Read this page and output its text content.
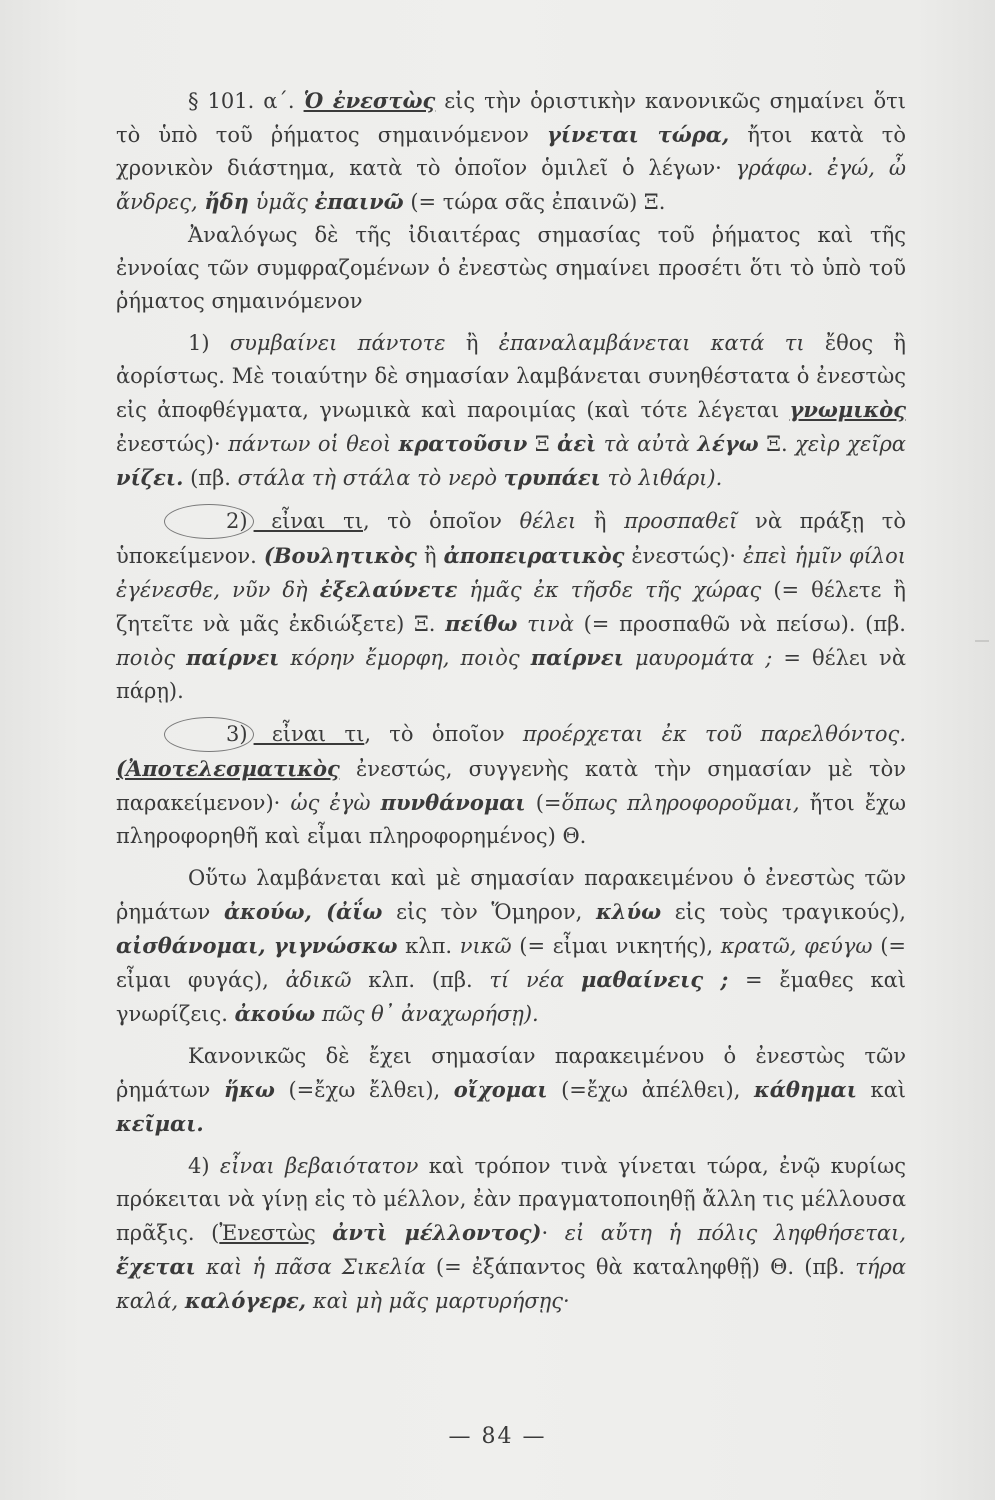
§ 101. α΄. Ὁ ἐνεστὼς εἰς τὴν ὁριστικὴν κανονικῶς σημαίνει ὅτι τὸ ὑπὸ τοῦ ῥήματος σημαινόμενον γίνεται τώρα, ἤτοι κατὰ τὸ χρονικὸν διάστημα, κατὰ τὸ ὁποῖον ὁμιλεῖ ὁ λέγων· γράφω. ἐγώ, ὦ ἄνδρες, ἤδη ὑμᾶς ἐπαινῶ (= τώρα σᾶς ἐπαινῶ) Ξ.

Ἀναλόγως δὲ τῆς ἰδιαιτέρας σημασίας τοῦ ῥήματος καὶ τῆς ἐννοίας τῶν συμφραζομένων ὁ ἐνεστὼς σημαίνει προσέτι ὅτι τὸ ὑπὸ τοῦ ῥήματος σημαινόμενον

1) συμβαίνει πάντοτε ἢ ἐπαναλαμβάνεται κατά τι ἔθος ἢ ἀορίστως. Μὲ τοιαύτην δὲ σημασίαν λαμβάνεται συνηθέστατα ὁ ἐνεστὼς εἰς ἀποφθέγματα, γνωμικὰ καὶ παροιμίας (καὶ τότε λέγεται γνωμικὸς ἐνεστώς)· πάντων οἱ θεοὶ κρατοῦσιν Ξ ἀεὶ τὰ αὐτὰ λέγω Ξ. χεὶρ χεῖρα νίζει. (πβ. στάλα τὴ στάλα τὸ νερὸ τρυπάει τὸ λιθάρι).

2) εἶναι τι, τὸ ὁποῖον θέλει ἢ προσπαθεῖ νὰ πράξῃ τὸ ὑποκείμενον. (Βουλητικὸς ἢ ἀποπειρατικὸς ἐνεστώς)· ἐπεὶ ἡμῖν φίλοι ἐγένεσθε, νῦν δὴ ἐξελαύνετε ἡμᾶς ἐκ τῆσδε τῆς χώρας (= θέλετε ἢ ζητεῖτε νὰ μᾶς ἐκδιώξετε) Ξ. πείθω τινὰ (= προσπαθῶ νὰ πείσω). (πβ. ποιὸς παίρνει κόρην ἔμορφη, ποιὸς παίρνει μαυρομάτα ; = θέλει νὰ πάρῃ).

3) εἶναι τι, τὸ ὁποῖον προέρχεται ἐκ τοῦ παρελθόντος. (Ἀποτελεσματικὸς ἐνεστώς, συγγενὴς κατὰ τὴν σημασίαν μὲ τὸν παρακείμενον)· ὡς ἐγὼ πυνθάνομαι (=ὅπως πληροφοροῦμαι, ἤτοι ἔχω πληροφορηθῆ καὶ εἶμαι πληροφορημένος) Θ.

Οὕτω λαμβάνεται καὶ μὲ σημασίαν παρακειμένου ὁ ἐνεστὼς τῶν ῥημάτων ἀκούω, (ἀΐω εἰς τὸν Ὅμηρον, κλύω εἰς τοὺς τραγικούς), αἰσθάνομαι, γιγνώσκω κλπ. νικῶ (= εἶμαι νικητής), κρατῶ, φεύγω (= εἶμαι φυγάς), ἀδικῶ κλπ. (πβ. τί νέα μαθαίνεις ; = ἔμαθες καὶ γνωρίζεις. ἀκούω πῶς θ᾽ ἀναχωρήσῃ).

Κανονικῶς δὲ ἔχει σημασίαν παρακειμένου ὁ ἐνεστὼς τῶν ῥημάτων ἥκω (=ἔχω ἔλθει), οἴχομαι (=ἔχω ἀπέλθει), κάθημαι καὶ κεῖμαι.

4) εἶναι βεβαιότατον καὶ τρόπον τινὰ γίνεται τώρα, ἐνῷ κυρίως πρόκειται νὰ γίνῃ εἰς τὸ μέλλον, ἐὰν πραγματοποιηθῇ ἄλλη τις μέλλουσα πρᾶξις. (Ἐνεστὼς ἀντὶ μέλλοντος)· εἰ αὔτη ἡ πόλις ληφθήσεται, ἔχεται καὶ ἡ πᾶσα Σικελία (= ἐξάπαντος θὰ καταληφθῇ) Θ. (πβ. τήρα καλά, καλόγερε, καὶ μὴ μᾶς μαρτυρήσῃς·

— 84 —
